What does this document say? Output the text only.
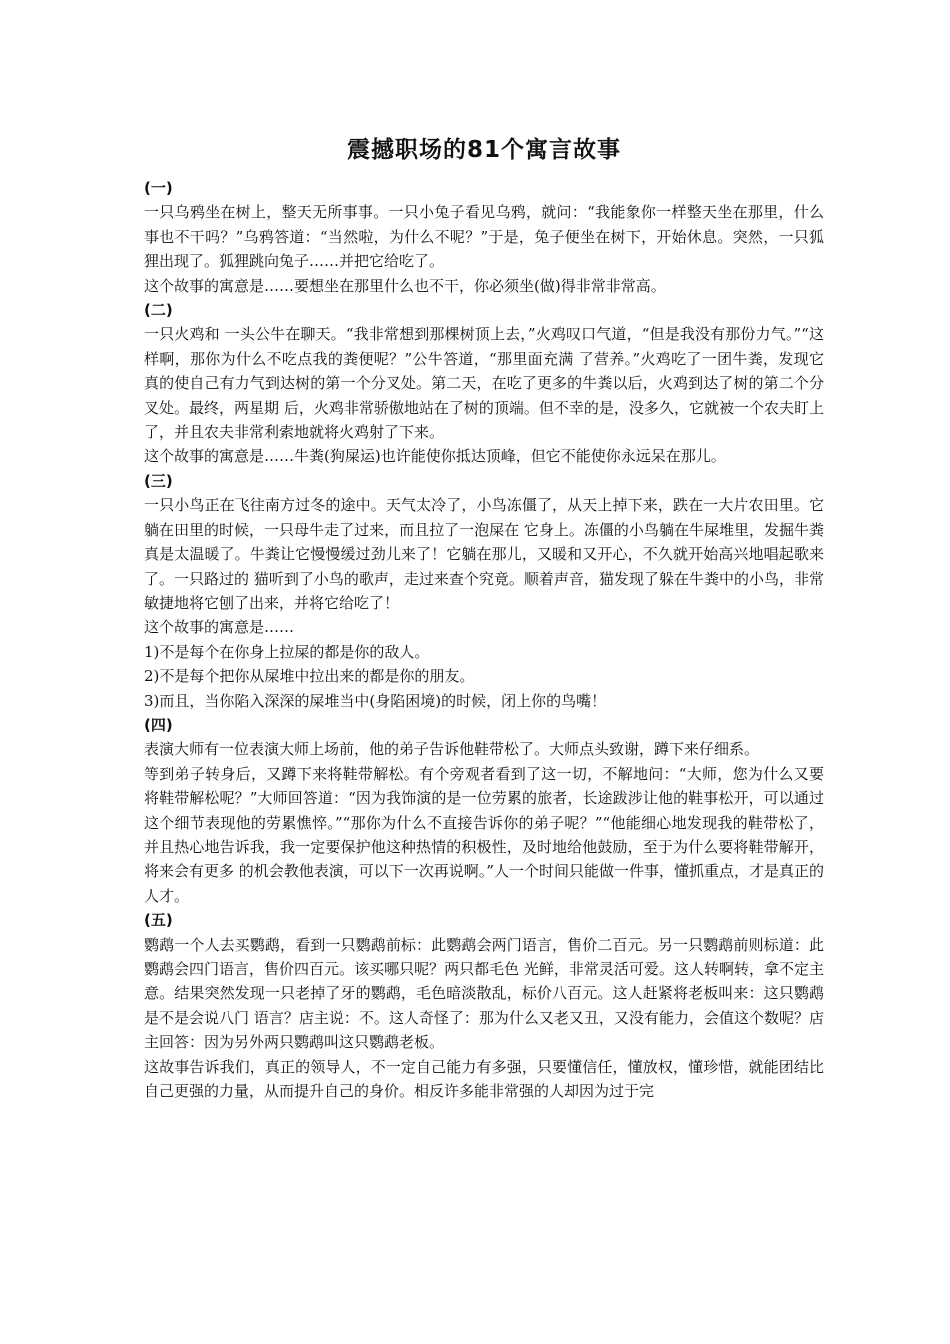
震撼职场的81个寓言故事

(一)

一只乌鸦坐在树上，整天无所事事。一只小兔子看见乌鸦，就问：“我能象你一样整天坐在那里，什么事也不干吗？”乌鸦答道：“当然啦，为什么不呢？”于是，兔子便坐在树下，开始休息。突然，一只狐狸出现了。狐狸跳向兔子……并把它给吃了。

这个故事的寓意是……要想坐在那里什么也不干，你必须坐(做)得非常非常高。

(二)

一只火鸡和 一头公牛在聊天。“我非常想到那棵树顶上去，”火鸡叹口气道，“但是我没有那份力气。”“这样啊，那你为什么不吃点我的粪便呢？”公牛答道，“那里面充满 了营养。”火鸡吃了一团牛粪，发现它真的使自己有力气到达树的第一个分叉处。第二天，在吃了更多的牛粪以后，火鸡到达了树的第二个分叉处。最终，两星期 后，火鸡非常骄傲地站在了树的顶端。但不幸的是，没多久，它就被一个农夫盯上了，并且农夫非常利索地就将火鸡射了下来。

这个故事的寓意是……牛粪(狗屎运)也许能使你抵达顶峰，但它不能使你永远呆在那儿。

(三)

一只小鸟正在飞往南方过冬的途中。天气太冷了，小鸟冻僵了，从天上掉下来，跌在一大片农田里。它躺在田里的时候，一只母牛走了过来，而且拉了一泡屎在 它身上。冻僵的小鸟躺在牛屎堆里，发掘牛粪真是太温暖了。牛粪让它慢慢缓过劲儿来了！它躺在那儿，又暖和又开心，不久就开始高兴地唱起歌来了。一只路过的 猫听到了小鸟的歌声，走过来查个究竟。顺着声音，猫发现了躲在牛粪中的小鸟，非常敏捷地将它刨了出来，并将它给吃了！

这个故事的寓意是……

1)不是每个在你身上拉屎的都是你的敌人。

2)不是每个把你从屎堆中拉出来的都是你的朋友。

3)而且，当你陷入深深的屎堆当中(身陷困境)的时候，闭上你的鸟嘴！

(四)

表演大师有一位表演大师上场前，他的弟子告诉他鞋带松了。大师点头致谢，蹲下来仔细系。

等到弟子转身后，又蹲下来将鞋带解松。有个旁观者看到了这一切，不解地问：“大师，您为什么又要 将鞋带解松呢？”大师回答道：“因为我饰演的是一位劳累的旅者，长途跋涉让他的鞋事松开，可以通过这个细节表现他的劳累憔悴。”“那你为什么不直接告诉你的弟子呢？”“他能细心地发现我的鞋带松了，并且热心地告诉我，我一定要保护他这种热情的积极性，及时地给他鼓励，至于为什么要将鞋带解开，将来会有更多 的机会教他表演，可以下一次再说啊。”人一个时间只能做一件事，懂抓重点，才是真正的人才。

(五)

鹦鹉一个人去买鹦鹉，看到一只鹦鹉前标：此鹦鹉会两门语言，售价二百元。另一只鹦鹉前则标道：此鹦鹉会四门语言，售价四百元。该买哪只呢？两只都毛色 光鲜，非常灵活可爱。这人转啊转，拿不定主意。结果突然发现一只老掉了牙的鹦鹉，毛色暗淡散乱，标价八百元。这人赶紧将老板叫来：这只鹦鹉是不是会说八门 语言？店主说：不。这人奇怪了：那为什么又老又丑，又没有能力，会值这个数呢？店主回答：因为另外两只鹦鹉叫这只鹦鹉老板。

这故事告诉我们，真正的领导人，不一定自己能力有多强，只要懂信任，懂放权，懂珍惜，就能团结比自己更强的力量，从而提升自己的身价。相反许多能非常强的人却因为过于完
